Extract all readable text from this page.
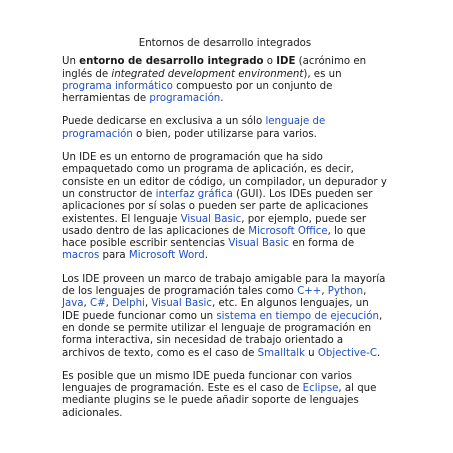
Entornos de desarrollo integrados

Un entorno de desarrollo integrado o IDE (acrónimo en inglés de integrated development environment), es un programa informático compuesto por un conjunto de herramientas de programación.

Puede dedicarse en exclusiva a un sólo lenguaje de programación o bien, poder utilizarse para varios.

Un IDE es un entorno de programación que ha sido empaquetado como un programa de aplicación, es decir, consiste en un editor de código, un compilador, un depurador y un constructor de interfaz gráfica (GUI). Los IDEs pueden ser aplicaciones por sí solas o pueden ser parte de aplicaciones existentes. El lenguaje Visual Basic, por ejemplo, puede ser usado dentro de las aplicaciones de Microsoft Office, lo que hace posible escribir sentencias Visual Basic en forma de macros para Microsoft Word.

Los IDE proveen un marco de trabajo amigable para la mayoría de los lenguajes de programación tales como C++, Python, Java, C#, Delphi, Visual Basic, etc. En algunos lenguajes, un IDE puede funcionar como un sistema en tiempo de ejecución, en donde se permite utilizar el lenguaje de programación en forma interactiva, sin necesidad de trabajo orientado a archivos de texto, como es el caso de Smalltalk u Objective-C.

Es posible que un mismo IDE pueda funcionar con varios lenguajes de programación. Este es el caso de Eclipse, al que mediante plugins se le puede añadir soporte de lenguajes adicionales.
